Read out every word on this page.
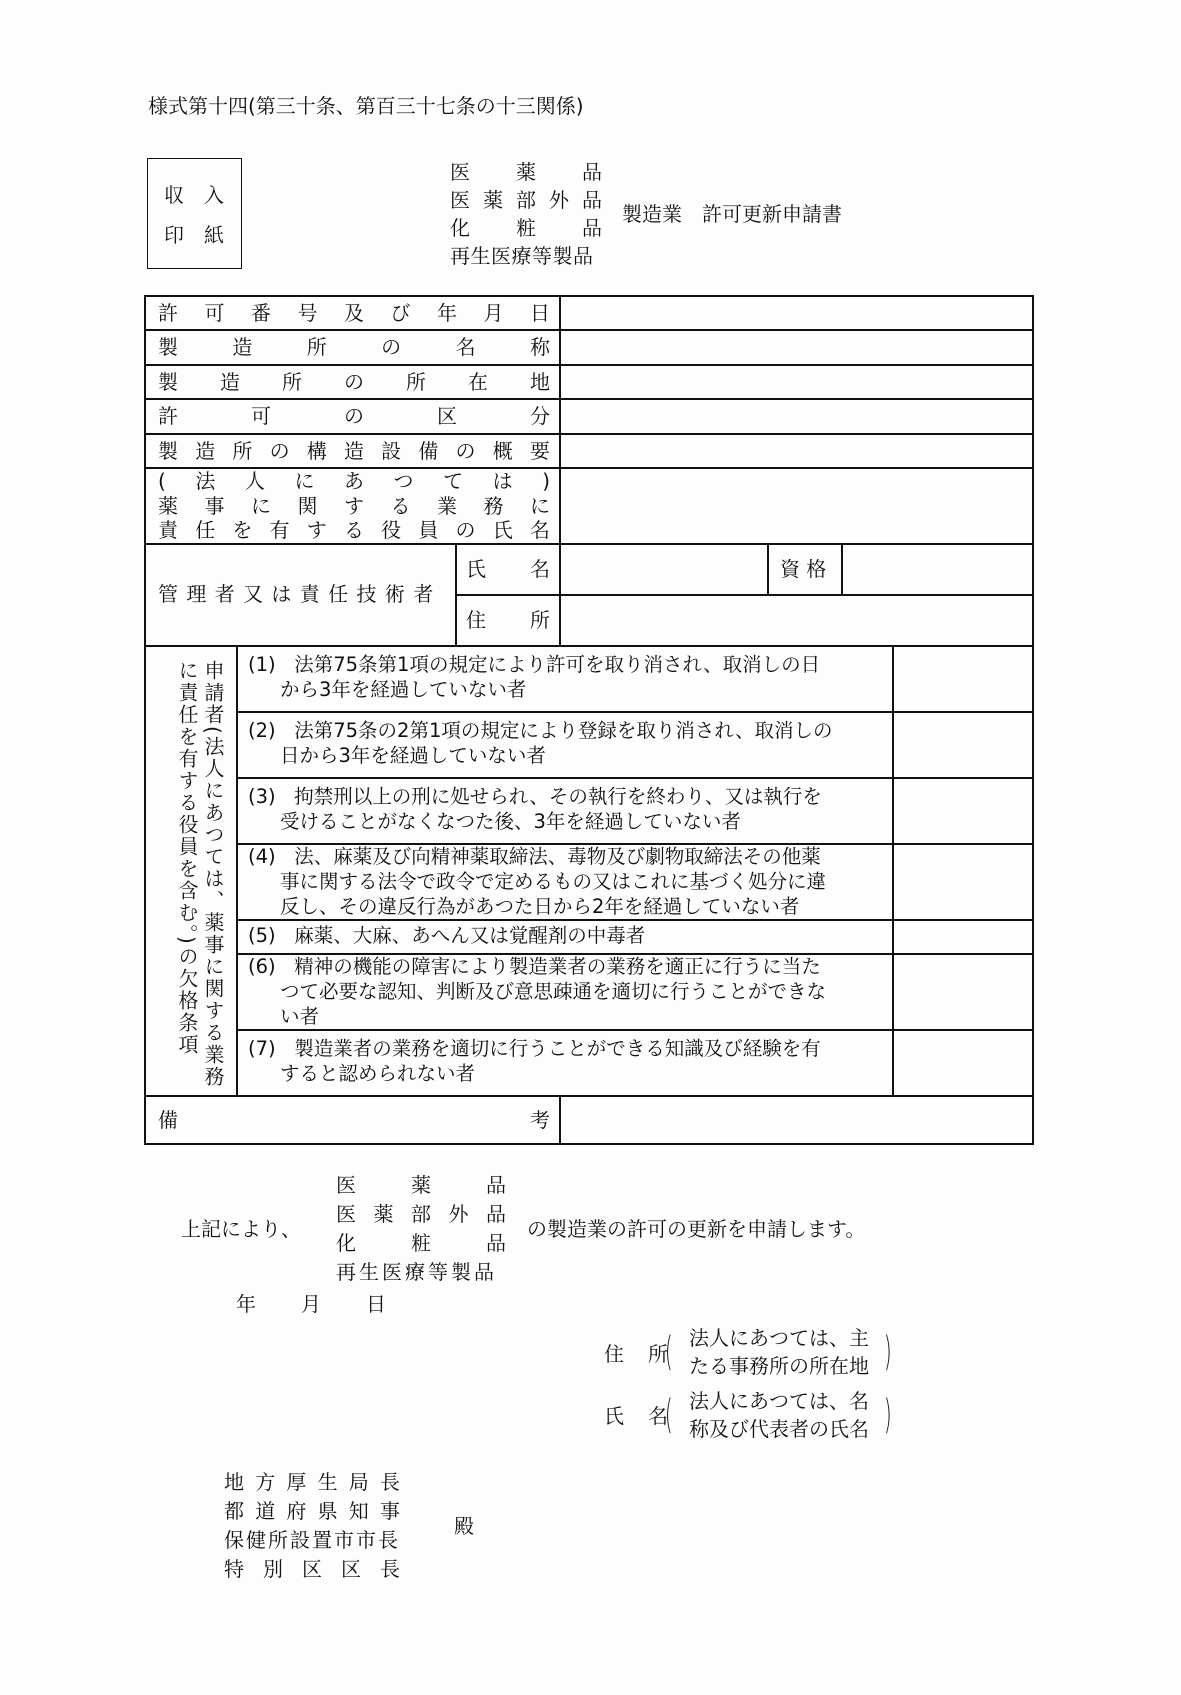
様式第十四(第三十条、第百三十七条の十三関係)
収 入
印 紙
医 薬 品
医 薬 部 外 品
化 粧 品
再生医療等製品
製造業　許可更新申請書
許 可 番 号 及 び 年 月 日
製	造	所	の	名	称
製 造 所 の 所 在 地
許	可	の	区	分
製 造 所 の 構 造 設 備 の 概 要
( 法 人 に あ つ て は )
薬 事 に 関 す る 業 務 に
責 任 を 有 す る 役 員 の 氏 名
管 理 者 又 は 責 任 技 術 者
氏 名	資 格
住 所
申請者(法人にあつては、薬事に関する業務に責任を有する役員を含む。)の欠格条項	(1) 法第75条第1項の規定により許可を取り消され、取消しの日
から3年を経過していない者
(2) 法第75条の2第1項の規定により登録を取り消され、取消しの
日から3年を経過していない者
(3) 拘禁刑以上の刑に処せられ、その執行を終わり、又は執行を
受けることがなくなつた後、3年を経過していない者
(4) 法、麻薬及び向精神薬取締法、毒物及び劇物取締法その他薬
事に関する法令で政令で定めるもの又はこれに基づく処分に違
反し、その違反行為があつた日から2年を経過していない者
(5) 麻薬、大麻、あへん又は覚醒剤の中毒者
(6) 精神の機能の障害により製造業者の業務を適正に行うに当た
つて必要な認知、判断及び意思疎通を適切に行うことができな
い者
(7) 製造業者の業務を適切に行うことができる知識及び経験を有
すると認められない者
備	考
上記により、
医	薬	品
医 薬 部 外 品
化	粧	品
再生医療等製品
の製造業の許可の更新を申請します。
年 月 日
住 所
( 法人にあつては、主
たる事務所の所在地 )
氏 名
( 法人にあつては、名
称及び代表者の氏名 )
地 方 厚 生 局 長
都 道 府 県 知 事
保健所設置市市長
特 別 区 区 長
殿
